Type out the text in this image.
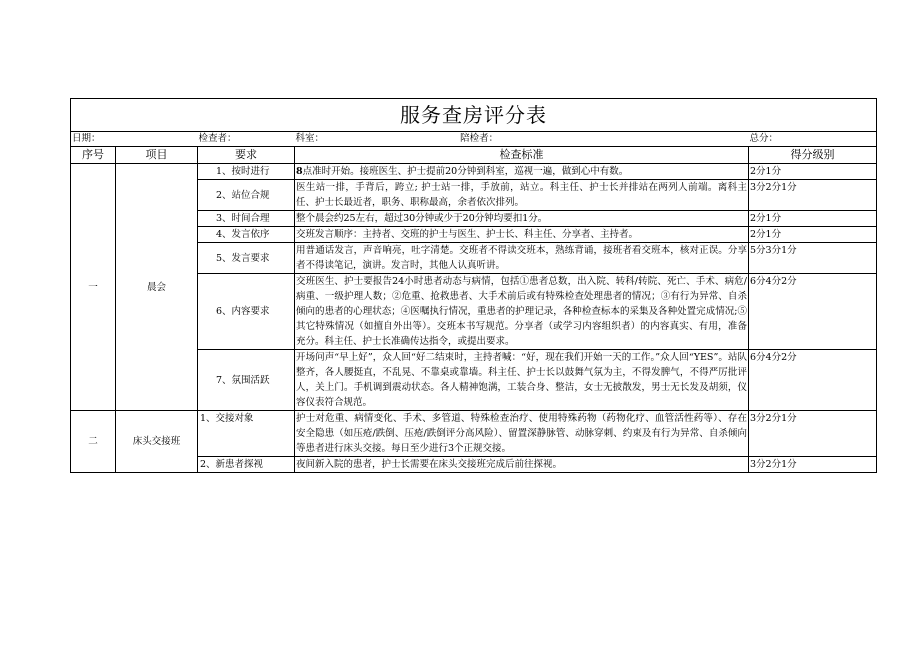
服务查房评分表				
日期：		检查者：	科室： 陪检者：	总分：
序号	项目	要求	检查标准	得分级别
一	晨会	1、按时进行	8点准时开始。接班医生、护士提前20分钟到科室，巡视一遍，做到心中有数。	2分1分
		2、站位合规	医生站一排，手背后，跨立; 护士站一排，手放前，站立。科主任、护士长并排站在两列人前端。离科主任、护士长最近者，职务、职称最高，余者依次排列。	3分2分1分
		3、时间合理	整个晨会约25左右，超过30分钟或少于20分钟均要扣1分。	2分1分
		4、发言依序	交班发言顺序：主持者、交班的护士与医生、护士长、科主任、分享者、主持者。	2分1分
		5、发言要求	用普通话发言，声音响亮，吐字清楚。交班者不得读交班本，熟练背诵，接班者看交班本，核对正误。分享者不得读笔记，演讲。发言时，其他人认真听讲。	5分3分1分
		6、内容要求	交班医生、护士要报告24小时患者动态与病情，包括①患者总数，出入院、转科/转院、死亡、手术、病危/病重、一级护理人数；②危重、抢救患者、大手术前后或有特殊检查处理患者的情况；③有行为异常、自杀倾向的患者的心理状态；④医嘱执行情况，重患者的护理记录，各种检查标本的采集及各种处置完成情况;⑤其它特殊情况（如擅自外出等）。交班本书写规范。分享者（或学习内容组织者）的内容真实、有用，准备充分。科主任、护士长准确传达指令，或提出要求。	6分4分2分
		7、氛围活跃	开场问声“早上好”，众人回“好二结束时，主持者喊：“好，现在我们开始一天的工作。”众人回“YES”。站队整齐，各人腰挺直，不乱晃、不靠桌或靠墙。科主任、护士长以鼓舞气氛为主，不得发脾气，不得严厉批评人，关上门。手机调到震动状态。各人精神饱满，工装合身、整洁，女士无披散发，男士无长发及胡须，仪容仪表符合规范。	6分4分2分
二	床头交接班	1、交接对象	护士对危重、病情变化、手术、多管道、特殊检查治疗、使用特殊药物（药物化疗、血管活性药等）、存在安全隐患（如压疮/跌倒、压疮/跌倒评分高风险）、留置深静脉管、动脉穿刺、约束及有行为异常、自杀倾向等患者进行床头交接。每日至少进行3个正规交接。	3分2分1分
		2、新患者探视	夜间新入院的患者，护士长需要在床头交接班完成后前往探视。	3分2分1分
